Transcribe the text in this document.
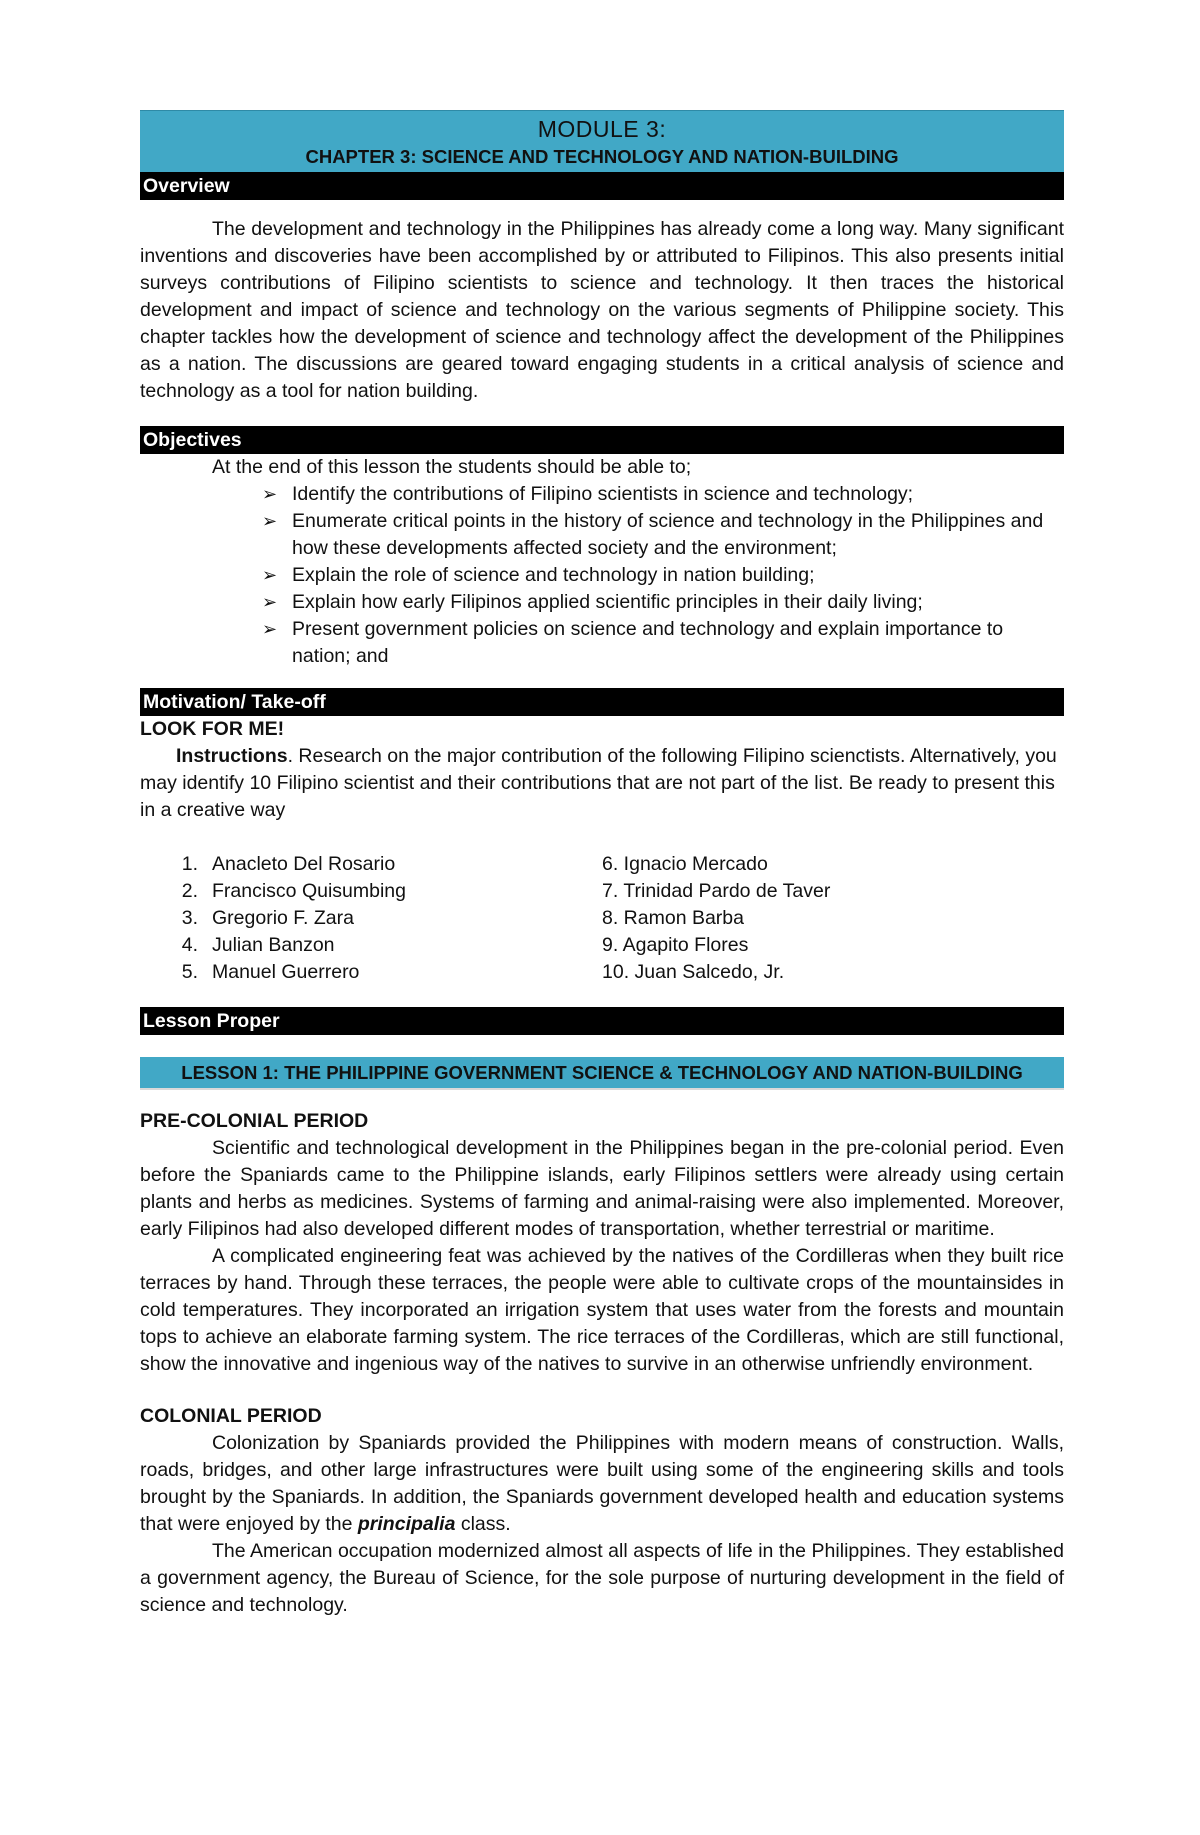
MODULE 3:
CHAPTER 3: SCIENCE AND TECHNOLOGY AND NATION-BUILDING
Overview
The development and technology in the Philippines has already come a long way. Many significant inventions and discoveries have been accomplished by or attributed to Filipinos. This also presents initial surveys contributions of Filipino scientists to science and technology. It then traces the historical development and impact of science and technology on the various segments of Philippine society. This chapter tackles how the development of science and technology affect the development of the Philippines as a nation. The discussions are geared toward engaging students in a critical analysis of science and technology as a tool for nation building.
Objectives
At the end of this lesson the students should be able to;
➢ Identify the contributions of Filipino scientists in science and technology;
➢ Enumerate critical points in the history of science and technology in the Philippines and how these developments affected society and the environment;
➢ Explain the role of science and technology in nation building;
➢ Explain how early Filipinos applied scientific principles in their daily living;
➢ Present government policies on science and technology and explain importance to nation; and
Motivation/ Take-off
LOOK FOR ME!
Instructions. Research on the major contribution of the following Filipino scienctists. Alternatively, you may identify 10 Filipino scientist and their contributions that are not part of the list. Be ready to present this in a creative way
1. Anacleto Del Rosario
2. Francisco Quisumbing
3. Gregorio F. Zara
4. Julian Banzon
5. Manuel Guerrero
6. Ignacio Mercado
7. Trinidad Pardo de Taver
8. Ramon Barba
9. Agapito Flores
10. Juan Salcedo, Jr.
Lesson Proper
LESSON 1: THE PHILIPPINE GOVERNMENT SCIENCE & TECHNOLOGY AND NATION-BUILDING
PRE-COLONIAL PERIOD
Scientific and technological development in the Philippines began in the pre-colonial period. Even before the Spaniards came to the Philippine islands, early Filipinos settlers were already using certain plants and herbs as medicines. Systems of farming and animal-raising were also implemented. Moreover, early Filipinos had also developed different modes of transportation, whether terrestrial or maritime.
A complicated engineering feat was achieved by the natives of the Cordilleras when they built rice terraces by hand. Through these terraces, the people were able to cultivate crops of the mountainsides in cold temperatures. They incorporated an irrigation system that uses water from the forests and mountain tops to achieve an elaborate farming system. The rice terraces of the Cordilleras, which are still functional, show the innovative and ingenious way of the natives to survive in an otherwise unfriendly environment.
COLONIAL PERIOD
Colonization by Spaniards provided the Philippines with modern means of construction. Walls, roads, bridges, and other large infrastructures were built using some of the engineering skills and tools brought by the Spaniards. In addition, the Spaniards government developed health and education systems that were enjoyed by the principalia class.
The American occupation modernized almost all aspects of life in the Philippines. They established a government agency, the Bureau of Science, for the sole purpose of nurturing development in the field of science and technology.
